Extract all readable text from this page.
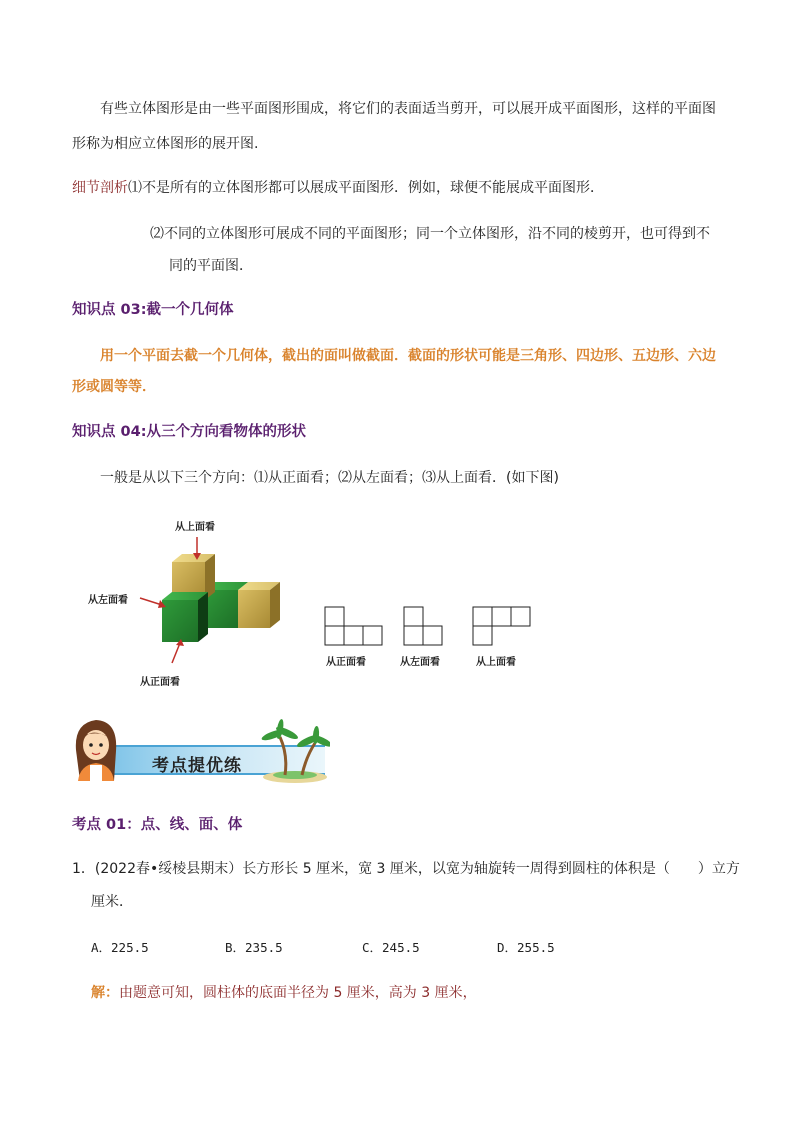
有些立体图形是由一些平面图形围成，将它们的表面适当剪开，可以展开成平面图形，这样的平面图
形称为相应立体图形的展开图.
细节剖析⑴不是所有的立体图形都可以展成平面图形．例如，球便不能展成平面图形．
⑵不同的立体图形可展成不同的平面图形；同一个立体图形，沿不同的棱剪开，也可得到不
同的平面图．
知识点 03:截一个几何体
用一个平面去截一个几何体，截出的面叫做截面．截面的形状可能是三角形、四边形、五边形、六边
形或圆等等．
知识点 04:从三个方向看物体的形状
一般是从以下三个方向：⑴从正面看；⑵从左面看；⑶从上面看．(如下图)
从上面看
从左面看
从正面看
从正面看	从左面看	从上面看
考点提优练
考点 01：点、线、面、体
1．(2022春•绥棱县期末）长方形长 5 厘米，宽 3 厘米，以宽为轴旋转一周得到圆柱的体积是（　　）立方
厘米．
A．225.5	B．235.5	C．245.5	D．255.5
解：由题意可知，圆柱体的底面半径为 5 厘米，高为 3 厘米，
